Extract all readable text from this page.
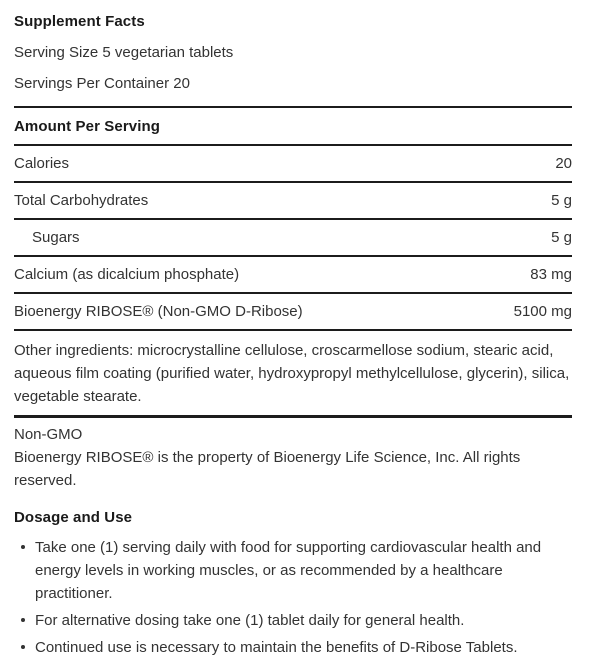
Supplement Facts
Serving Size 5 vegetarian tablets
Servings Per Container 20
Amount Per Serving
Calories	20
Total Carbohydrates	5 g
Sugars	5 g
Calcium (as dicalcium phosphate)	83 mg
Bioenergy RIBOSE® (Non-GMO D-Ribose)	5100 mg
Other ingredients: microcrystalline cellulose, croscarmellose sodium, stearic acid, aqueous film coating (purified water, hydroxypropyl methylcellulose, glycerin), silica, vegetable stearate.
Non-GMO
Bioenergy RIBOSE® is the property of Bioenergy Life Science, Inc. All rights reserved.
Dosage and Use
Take one (1) serving daily with food for supporting cardiovascular health and energy levels in working muscles, or as recommended by a healthcare practitioner.
For alternative dosing take one (1) tablet daily for general health.
Continued use is necessary to maintain the benefits of D-Ribose Tablets.
